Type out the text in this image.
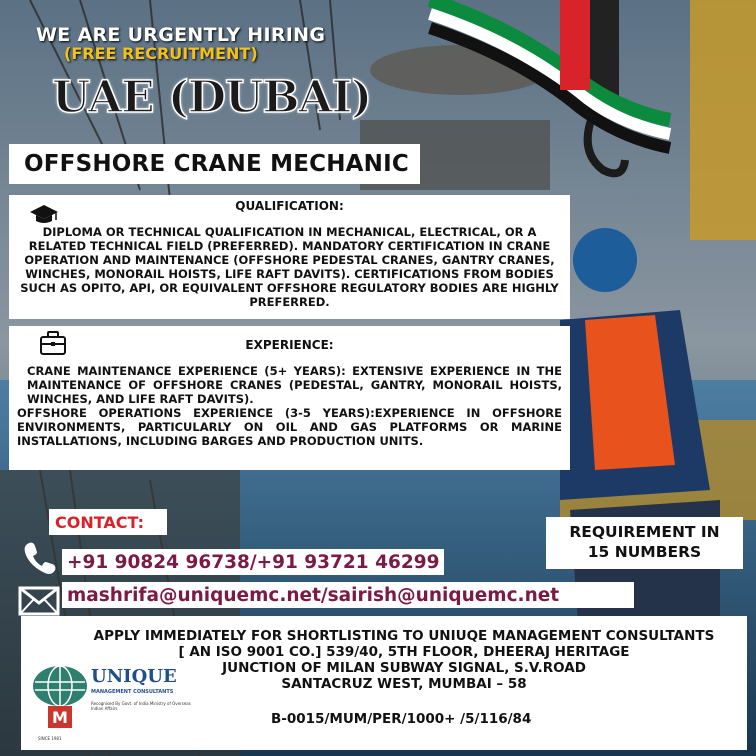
WE ARE URGENTLY HIRING
(FREE RECRUITMENT)
UAE (DUBAI)
OFFSHORE CRANE MECHANIC
QUALIFICATION:
DIPLOMA OR TECHNICAL QUALIFICATION IN MECHANICAL, ELECTRICAL, OR A RELATED TECHNICAL FIELD (PREFERRED). MANDATORY CERTIFICATION IN CRANE OPERATION AND MAINTENANCE (OFFSHORE PEDESTAL CRANES, GANTRY CRANES, WINCHES, MONORAIL HOISTS, LIFE RAFT DAVITS). CERTIFICATIONS FROM BODIES SUCH AS OPITO, API, OR EQUIVALENT OFFSHORE REGULATORY BODIES ARE HIGHLY PREFERRED.
EXPERIENCE:
CRANE MAINTENANCE EXPERIENCE (5+ YEARS): EXTENSIVE EXPERIENCE IN THE MAINTENANCE OF OFFSHORE CRANES (PEDESTAL, GANTRY, MONORAIL HOISTS, WINCHES, AND LIFE RAFT DAVITS).
OFFSHORE OPERATIONS EXPERIENCE (3-5 YEARS):EXPERIENCE IN OFFSHORE ENVIRONMENTS, PARTICULARLY ON OIL AND GAS PLATFORMS OR MARINE INSTALLATIONS, INCLUDING BARGES AND PRODUCTION UNITS.
CONTACT:
+91 90824 96738/+91 93721 46299
mashrifa@uniquemc.net/sairish@uniquemc.net
REQUIREMENT IN
15 NUMBERS
APPLY IMMEDIATELY FOR SHORTLISTING TO UNIUQE MANAGEMENT CONSULTANTS
[ AN ISO 9001 CO.] 539/40, 5TH FLOOR, DHEERAJ HERITAGE
JUNCTION OF MILAN SUBWAY SIGNAL, S.V.ROAD
SANTACRUZ WEST, MUMBAI – 58
B-0015/MUM/PER/1000+ /5/116/84
M
UNIQUE
MANAGEMENT CONSULTANTS
Recognised By Govt. of India Ministry of Overseas Indian Affairs
SINCE 1981
